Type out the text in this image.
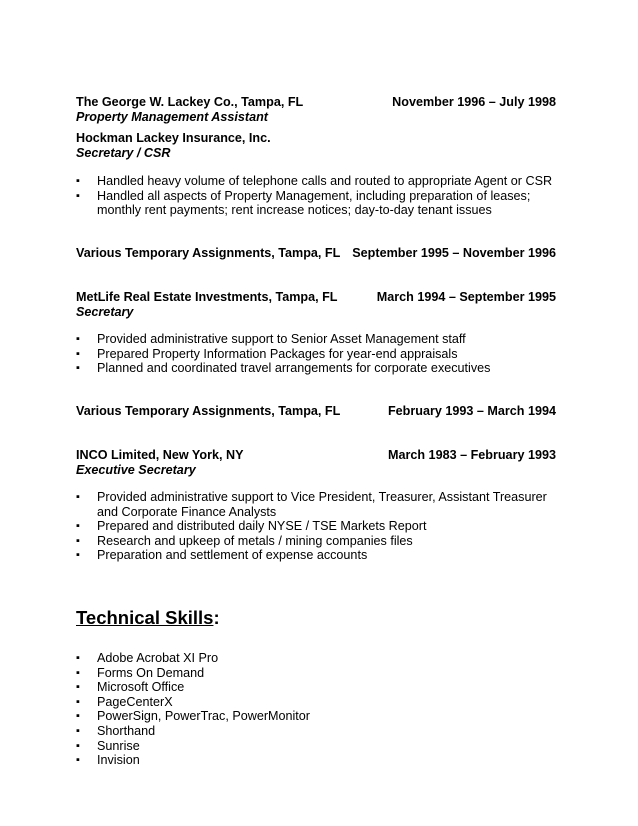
The George W. Lackey Co., Tampa, FL	November 1996 – July 1998
Property Management Assistant
Hockman Lackey Insurance, Inc.
Secretary / CSR
▪ Handled heavy volume of telephone calls and routed to appropriate Agent or CSR
▪ Handled all aspects of Property Management, including preparation of leases; monthly rent payments; rent increase notices; day-to-day tenant issues
Various Temporary Assignments, Tampa, FL September 1995 – November 1996
MetLife Real Estate Investments, Tampa, FL	March 1994 – September 1995
Secretary
▪ Provided administrative support to Senior Asset Management staff
▪ Prepared Property Information Packages for year-end appraisals
▪ Planned and coordinated travel arrangements for corporate executives
Various Temporary Assignments, Tampa, FL	February 1993 – March 1994
INCO Limited, New York, NY	March 1983 – February 1993
Executive Secretary
▪ Provided administrative support to Vice President, Treasurer, Assistant Treasurer and Corporate Finance Analysts
▪ Prepared and distributed daily NYSE / TSE Markets Report
▪ Research and upkeep of metals / mining companies files
▪ Preparation and settlement of expense accounts
Technical Skills:
▪ Adobe Acrobat XI Pro
▪ Forms On Demand
▪ Microsoft Office
▪ PageCenterX
▪ PowerSign, PowerTrac, PowerMonitor
▪ Shorthand
▪ Sunrise
▪ Invision
